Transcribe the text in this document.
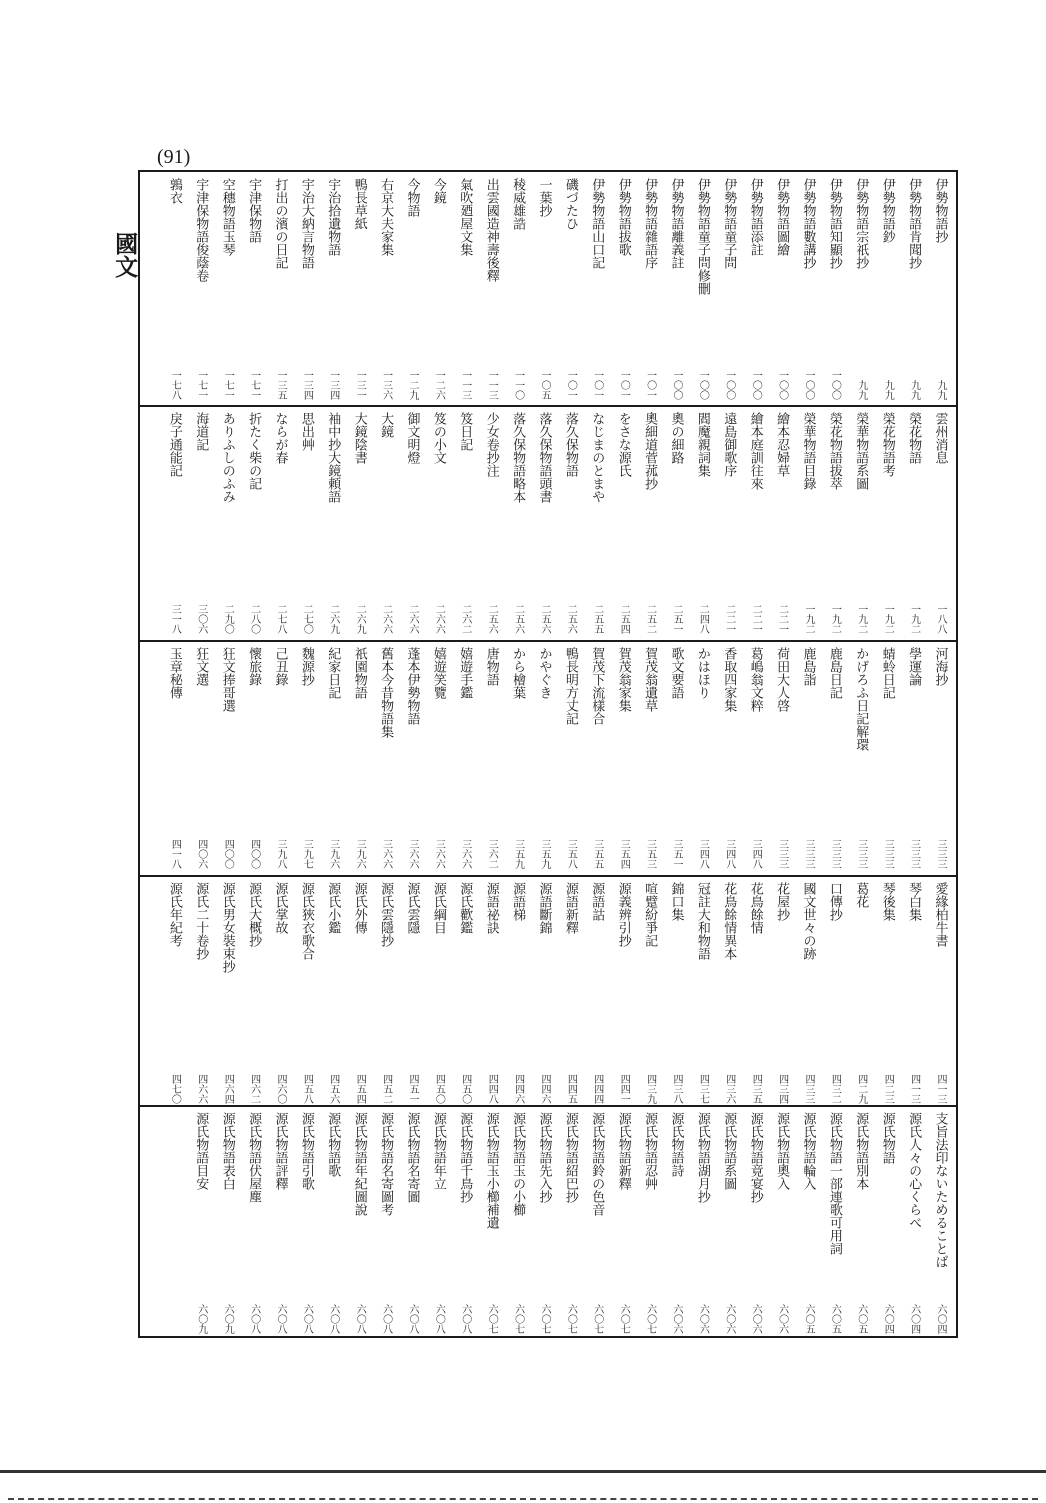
(91)
國文
伊勢物語抄
九九
伊勢物語肯聞抄
九九
伊勢物語鈔
九九
伊勢物語宗祇抄
九九
伊勢物語知顯抄
一〇〇
伊勢物語數講抄
一〇〇
伊勢物語圖繪
一〇〇
伊勢物語添註
一〇〇
伊勢物語童子問
一〇〇
伊勢物語童子問修刪
一〇〇
伊勢物語離義註
一〇〇
伊勢物語雜語序
一〇一
伊勢物語拔歌
一〇一
伊勢物語山口記
一〇一
磯づたひ
一〇一
一葉抄
一〇五
稜威雄誥
一一〇
出雲國造神壽後釋
一一三
氣吹廼屋文集
一一三
今鏡
一二六
今物語
一二九
右京大夫家集
一三六
鴨長草紙
一三一
宇治拾遺物語
一三四
宇治大納言物語
一三四
打出の濱の日記
一三五
宇津保物語
一七一
空穗物語玉琴
一七一
宇津保物語俊蔭卷
一七一
鶉衣
一七八
雲州消息
一八八
榮花物語
一九二
榮花物語考
一九二
榮華物語系圖
一九二
榮花物語拔萃
一九二
榮華物語目錄
一九二
繪本忍婦草
二二一
繪本庭訓往來
二二一
遠島御歌序
二二一
閻魔親詞集
二四八
奧の細路
二五一
奧細道菅菰抄
二五二
をさな源氏
二五四
なじまのとまや
二五五
落久保物語
二五六
落久保物語頭書
二五六
落久保物語略本
二五六
少女卷抄注
二五六
笈日記
二六二
笈の小文
二六六
御文明燈
二六六
大鏡
二六六
大鏡陰書
二六九
袖中抄大鏡頼語
二六九
思出艸
二七〇
ならが春
二七八
折たく柴の記
二八〇
ありふしのふみ
二九〇
海道記
三〇六
戾子通能記
三一八
河海抄
三三三
學運論
三三三
蜻蛉日記
三三三
かげろふ日記解環
三三三
鹿島日記
三三三
鹿島詣
三三三
荷田大人啓
三三三
葛嶋翁文粹
三四八
香取四家集
三四八
かはほり
三四八
歌文要語
三五一
賀茂翁遺草
三五三
賀茂翁家集
三五四
賀茂下流樣合
三五五
鴨長明方丈記
三五八
かやぐき
三五九
から檜葉
三五九
唐物語
三六二
嬉遊手鑑
三六六
嬉遊笑覽
三六六
蓬本伊勢物語
三六六
舊本今昔物語集
三六六
祇園物語
三九六
紀家日記
三九六
魏源抄
三九七
己丑錄
三九八
懷旅錄
四〇〇
狂文捧哥選
四〇〇
狂文選
四〇六
玉章秘傳
四一八
愛緣柏牛書
四一三
琴白集
四一三
琴後集
四二三
葛花
四二九
口傳抄
四三二
國文世々の跡
四三三
花屋抄
四三四
花鳥餘情
四三五
花鳥餘情異本
四三六
冠註大和物語
四三七
錦口集
四三八
喧躄紛爭記
四三九
源義辨引抄
四四一
源語詁
四四四
源語新釋
四四五
源語斷錦
四四六
源語梯
四四六
源語祕訣
四四八
源氏歡鑑
四五〇
源氏綱目
四五〇
源氏雲隱
四五一
源氏雲隱抄
四五二
源氏外傳
四五四
源氏小鑑
四五六
源氏狹衣歌合
四五八
源氏掌故
四六〇
源氏大概抄
四六二
源氏男女裝束抄
四六四
源氏二十卷抄
四六六
源氏年紀考
四七〇
支旨法印ないためることば
六〇四
源氏人々の心くらべ
六〇四
源氏物語
六〇四
源氏物語別本
六〇五
源氏物語一部連歌可用詞
六〇五
源氏物語輪入
六〇五
源氏物語奧入
六〇六
源氏物語竟宴抄
六〇六
源氏物語系圖
六〇六
源氏物語湖月抄
六〇六
源氏物語詩
六〇六
源氏物語忍艸
六〇七
源氏物語新釋
六〇七
源氏物語鈴の色音
六〇七
源氏物語紹巴抄
六〇七
源氏物語先入抄
六〇七
源氏物語玉の小櫛
六〇七
源氏物語玉小櫛補遺
六〇七
源氏物語千鳥抄
六〇八
源氏物語年立
六〇八
源氏物語名寄圖
六〇八
源氏物語名寄圖考
六〇八
源氏物語年紀圖說
六〇八
源氏物語歌
六〇八
源氏物語引歌
六〇八
源氏物語評釋
六〇八
源氏物語伏屋塵
六〇八
源氏物語表白
六〇九
源氏物語目安
六〇九
